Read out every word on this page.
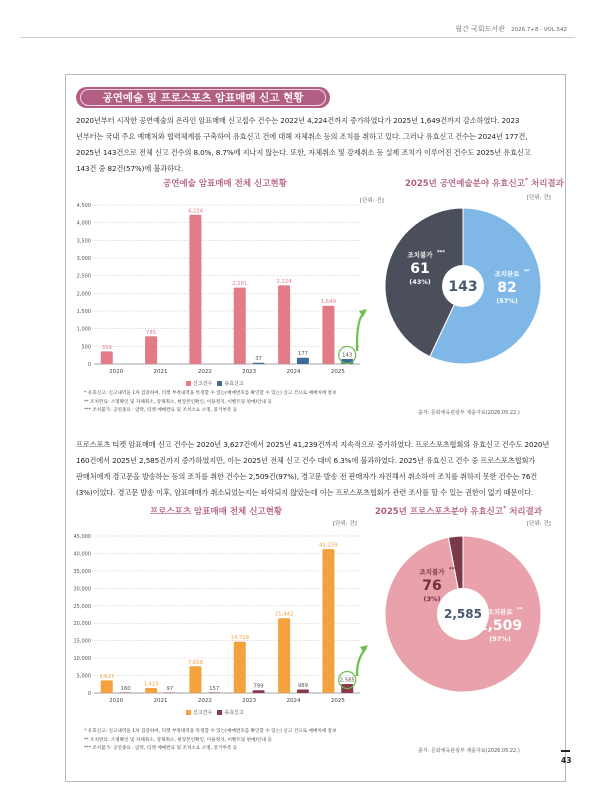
월간 국회도서관 2026.7+8 · VOL.542
공연예술 및 프로스포츠 암표매매 신고 현황
2020년부터 시작한 공연예술의 온라인 암표매매 신고접수 건수는 2022년 4,224건까지 증가하였다가 2025년 1,649건까지 감소하였다. 2023
년부터는 국내 주요 예매처와 협력체계를 구축하여 유효신고 건에 대해 자체취소 등의 조치를 취하고 있다. 그러나 유효신고 건수는 2024년 177건,
2025년 143건으로 전체 신고 건수의 8.0%, 8.7%에 지나지 않는다. 또한, 자체취소 및 강제취소 등 실제 조치가 이루어진 건수도 2025년 유효신고
143건 중 82건(57%)에 불과하다.
공연예술 암표매매 전체 신고현황
[단위: 건]
2025년 공연예술분야 유효신고* 처리결과
[단위: 건]
0
500
1,000
1,500
2,000
2,500
3,000
3,500
4,000
4,500
2020
359
2021
785
2022
4,224
2023
2,161
37
2024
2,224
177
2025
1,649
143
143
조치불가 ***
61
(43%)
조치완료 **
82
(57%)
신고건수	유효신고
* 유효신고: 신고내역을 1차 검증하여, 티켓 부정내역을 특정할 수 있는(예매번호를 확인할 수 있는) 신고 건으로 예매처에 통보
** 조치완료: 소명확인 및 자체취소, 강제취소, 현장본인확인, 이용정지, 이벤트및 판매/안내 등
*** 조치불가: 공연종료 · 암막, 티켓 예매완료 및 조치소요 소명, 증거부족 등	출처: 문화체육관광부 제출자료(2026.05.22.)
프로스포츠 티켓 암표매매 신고 건수는 2020년 3,627건에서 2025년 41,239건까지 지속적으로 증가하였다. 프로스포츠협회의 유효신고 건수도 2020년
160건에서 2025년 2,585건까지 증가하였지만, 이는 2025년 전체 신고 건수 대비 6.3%에 불과하였다. 2025년 유효신고 건수 중 프로스포츠협회가
판매처에게 경고문을 발송하는 등의 조치를 취한 건수는 2,509건(97%), 경고문 발송 전 판매자가 자진해서 취소하여 조치를 취하지 못한 건수는 76건
(3%)이었다. 경고문 발송 이후, 암표매매가 취소되었는지는 파악되지 않았는데 이는 프로스포츠협회가 관련 조사를 할 수 있는 권한이 없기 때문이다.
프로스포츠 암표매매 전체 신고현황
[단위: 건]
2025년 프로스포츠분야 유효신고* 처리결과
[단위: 건]
0
5,000
10,000
15,000
20,000
25,000
30,000
35,000
40,000
45,000
2020
3,627
160
2021
1,423
97
2022
7,658
157
2023
14,728
799
2024
21,442
989
2025
41,239
2,585
2,585
조치불가 ***
76
(3%)
조치완료 **
2,509
(97%)
신고건수	유효신고
* 유효신고: 신고내역을 1차 검증하여, 티켓 부정내역을 특정할 수 있는(예매번호를 확인할 수 있는) 신고 건으로 예매처에 통보
** 조치완료: 소명확인 및 자체취소, 강제취소, 현장본인확인, 이용정지, 이벤트및 판매/안내 등
*** 조치불가: 공연종료 · 암막, 티켓 예매완료 및 조치소요 소명, 증거부족 등	출처: 문화체육관광부 제출자료(2026.05.22.)
43
